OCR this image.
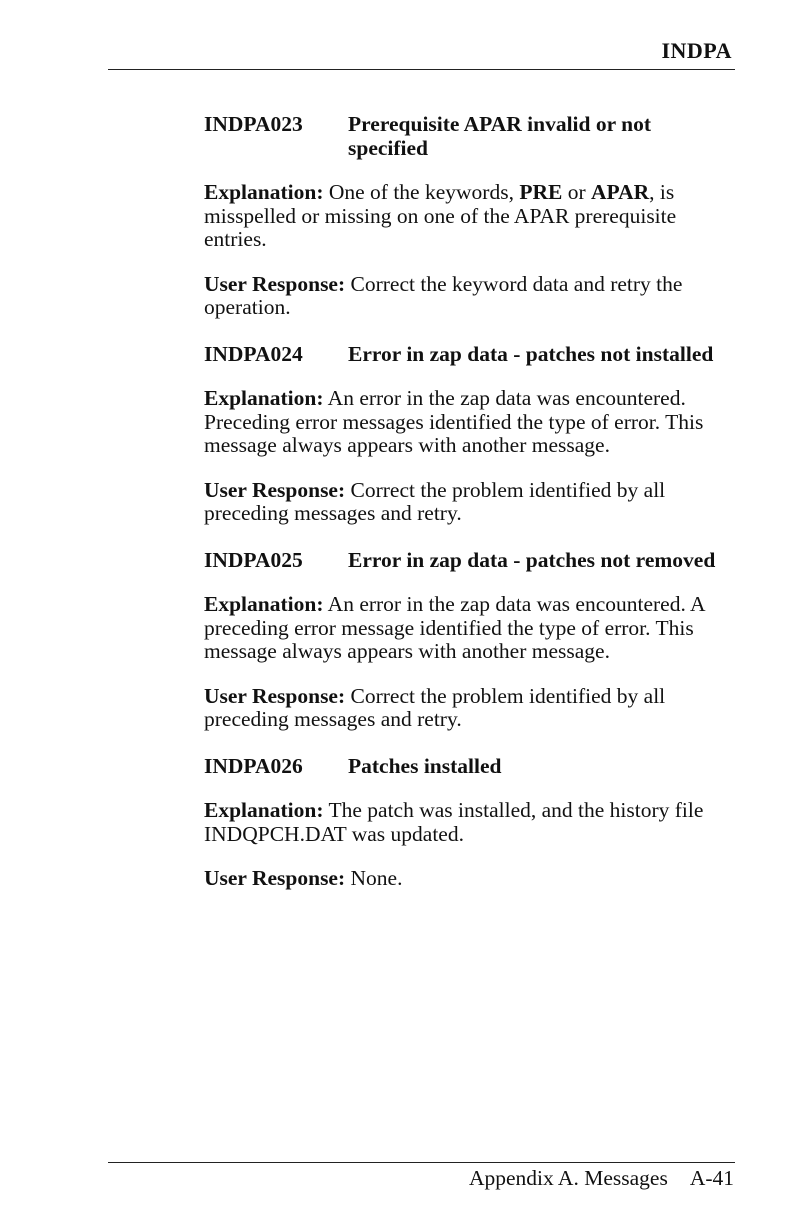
INDPA
INDPA023	Prerequisite APAR invalid or not specified
Explanation: One of the keywords, PRE or APAR, is misspelled or missing on one of the APAR prerequisite entries.
User Response: Correct the keyword data and retry the operation.
INDPA024	Error in zap data - patches not installed
Explanation: An error in the zap data was encountered. Preceding error messages identified the type of error. This message always appears with another message.
User Response: Correct the problem identified by all preceding messages and retry.
INDPA025	Error in zap data - patches not removed
Explanation: An error in the zap data was encountered. A preceding error message identified the type of error. This message always appears with another message.
User Response: Correct the problem identified by all preceding messages and retry.
INDPA026	Patches installed
Explanation: The patch was installed, and the history file INDQPCH.DAT was updated.
User Response: None.
Appendix A. Messages A-41
